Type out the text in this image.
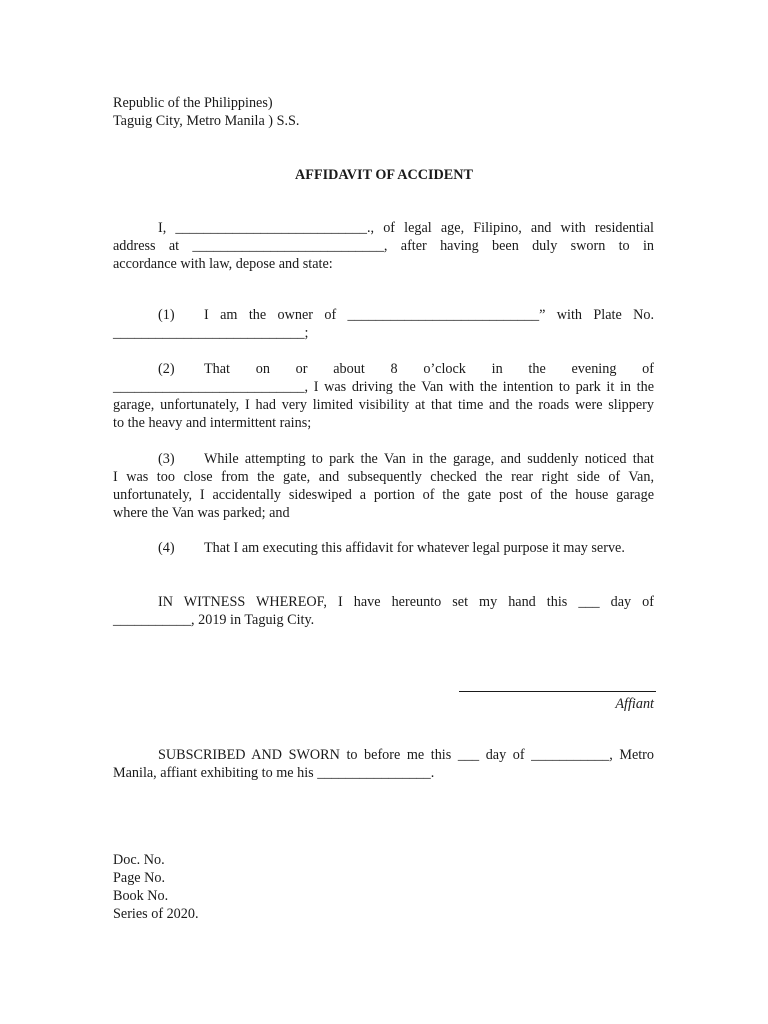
Republic of the Philippines)
Taguig City, Metro Manila ) S.S.
AFFIDAVIT OF ACCIDENT
I, ___________________________., of legal age, Filipino, and with residential
address at ___________________________, after having been duly sworn to in
accordance with law, depose and state:
(1) I am the owner of ___________________________” with Plate No.
___________________________;
(2) That on or about 8 o’clock in the evening of
___________________________, I was driving the Van with the intention to park it in the
garage, unfortunately, I had very limited visibility at that time and the roads were slippery
to the heavy and intermittent rains;
(3) While attempting to park the Van in the garage, and suddenly noticed that
I was too close from the gate, and subsequently checked the rear right side of Van,
unfortunately, I accidentally sideswiped a portion of the gate post of the house garage
where the Van was parked; and
(4) That I am executing this affidavit for whatever legal purpose it may serve.
IN WITNESS WHEREOF, I have hereunto set my hand this ___ day of
___________, 2019 in Taguig City.
Affiant
SUBSCRIBED AND SWORN to before me this ___ day of ___________, Metro
Manila, affiant exhibiting to me his ________________.
Doc. No.
Page No.
Book No.
Series of 2020.
